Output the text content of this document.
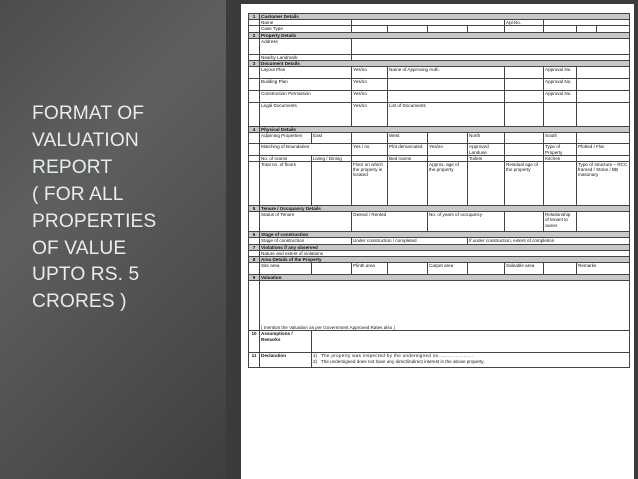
FORMAT OF
VALUATION
REPORT
( FOR ALL
PROPERTIES
OF VALUE
UPTO RS. 5
CRORES )
1	Customer Details									
	Name						Apl.No.			
	Case Type									
2	Property Details									
	Address									
	Nearby Landmark									
3	Document Details									
	Layout Plan		Yes/no	Name of Approving Auth.				Approval No.		
	Building Plan		Yes/no					Approval No.		
	Construction Permission		Yes/no					Approval No.		
	Legal Documents		Yes/no	List of Documents						
4	Physical Details									
	Adjoining Properties	East		West		North		South		
	Matching of Boundaries		Yes / no	Plot demarcated	Yes/no	Approved Landuse		Type of Property	Plotted / Flat	
	No. of rooms	Living / Dining		Bed rooms		Toilets		Kitchen		
	Total no. of floors		Floor on which the property is located		Approx. age of the property		Residual age of the property		Type of structure – RCC framed / Stone / BB masonary	
5	Tenure / Occupancy Details									
	Status of Tenure		Owned / Rented		No. of years of occupancy			Relationship of tenant to owner		
6	Stage of construction									
	Stage of construction		Under construction / completed			If under construction, extent of completion				
7	Violations if any observed									
	Nature and extent of violations									
8	Area Details of the Property									
	Site area		Plinth area		Carpet area		Saleable area		Remarks	
9	Valuation									
	( mention the Valuation as per Government Approved Rates also )									
10	Assumptions / Remarks									
11	Declaration	1) The property was inspected by the undersigned on......................
2) The undersigned does not have any direct/indirect interest in the above property.								
